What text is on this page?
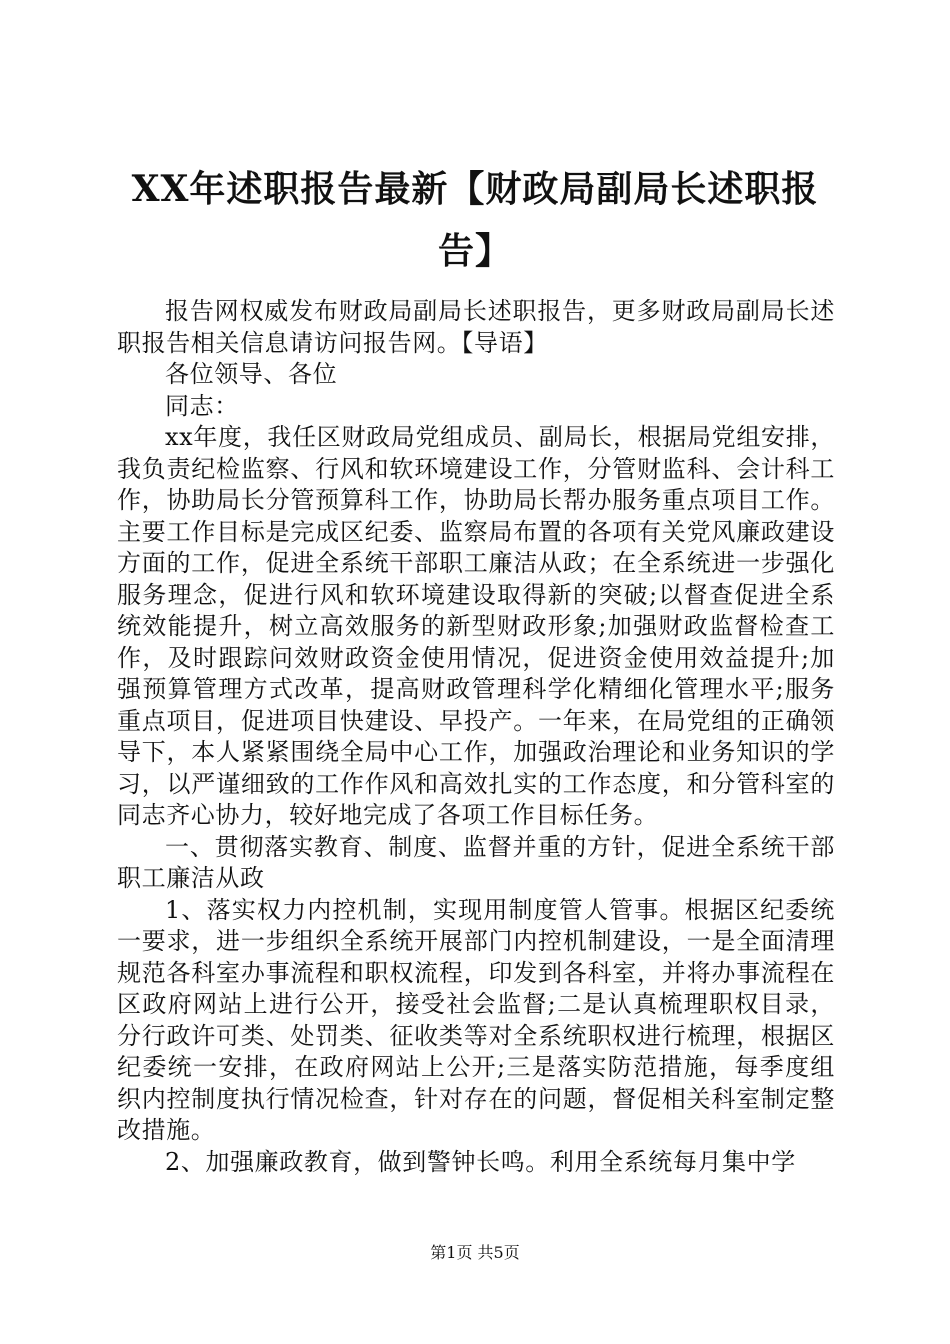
XX年述职报告最新【财政局副局长述职报告】

报告网权威发布财政局副局长述职报告，更多财政局副局长述职报告相关信息请访问报告网。【导语】

各位领导、各位

同志：

xx年度，我任区财政局党组成员、副局长，根据局党组安排，我负责纪检监察、行风和软环境建设工作，分管财监科、会计科工作，协助局长分管预算科工作，协助局长帮办服务重点项目工作。主要工作目标是完成区纪委、监察局布置的各项有关党风廉政建设方面的工作，促进全系统干部职工廉洁从政；在全系统进一步强化服务理念，促进行风和软环境建设取得新的突破;以督查促进全系统效能提升，树立高效服务的新型财政形象;加强财政监督检查工作，及时跟踪问效财政资金使用情况，促进资金使用效益提升;加强预算管理方式改革，提高财政管理科学化精细化管理水平;服务重点项目，促进项目快建设、早投产。一年来，在局党组的正确领导下，本人紧紧围绕全局中心工作，加强政治理论和业务知识的学习，以严谨细致的工作作风和高效扎实的工作态度，和分管科室的同志齐心协力，较好地完成了各项工作目标任务。

一、贯彻落实教育、制度、监督并重的方针，促进全系统干部职工廉洁从政

1、落实权力内控机制，实现用制度管人管事。根据区纪委统一要求，进一步组织全系统开展部门内控机制建设，一是全面清理规范各科室办事流程和职权流程，印发到各科室，并将办事流程在区政府网站上进行公开，接受社会监督;二是认真梳理职权目录，分行政许可类、处罚类、征收类等对全系统职权进行梳理，根据区纪委统一安排，在政府网站上公开;三是落实防范措施，每季度组织内控制度执行情况检查，针对存在的问题，督促相关科室制定整改措施。

2、加强廉政教育，做到警钟长鸣。利用全系统每月集中学

第1页 共5页
